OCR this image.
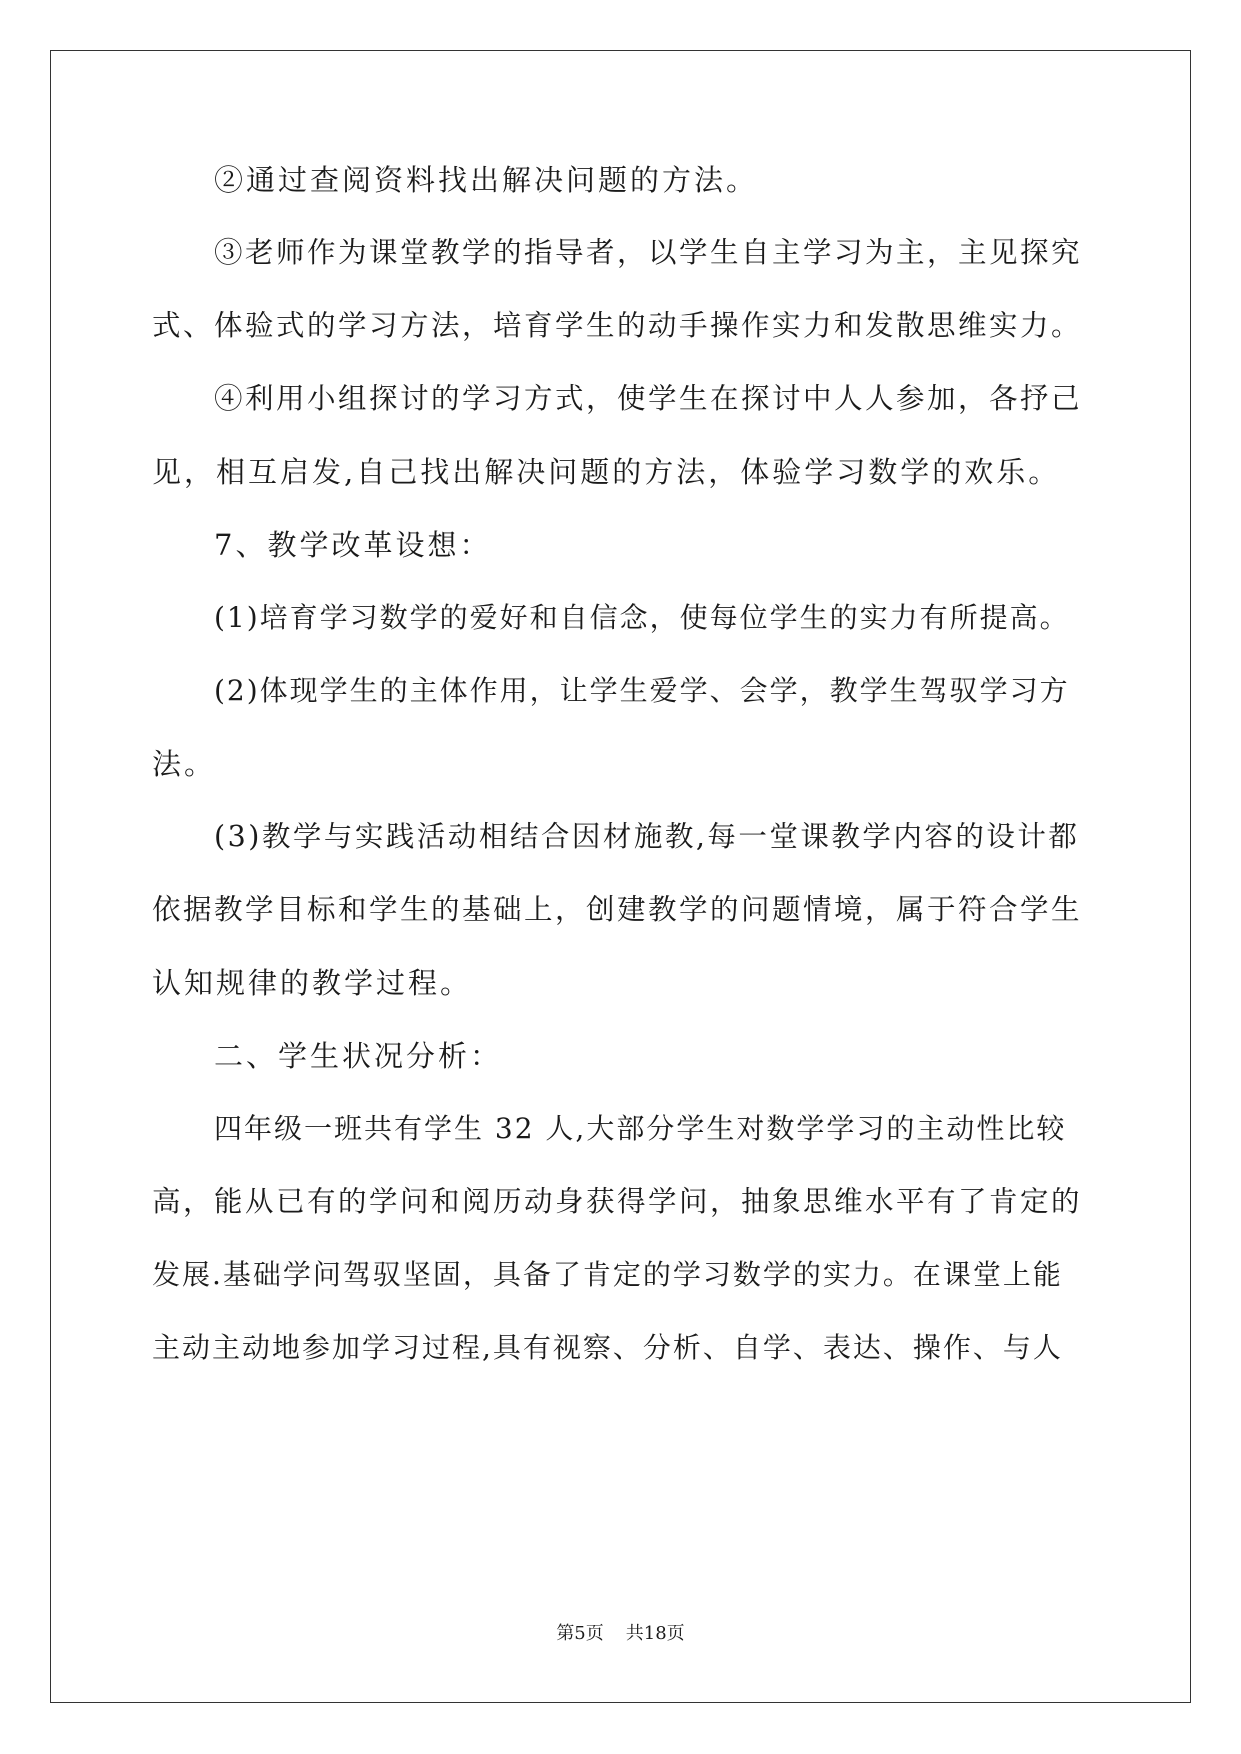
②通过查阅资料找出解决问题的方法。
③老师作为课堂教学的指导者，以学生自主学习为主，主见探究
式、体验式的学习方法，培育学生的动手操作实力和发散思维实力。
④利用小组探讨的学习方式，使学生在探讨中人人参加，各抒己
见，相互启发,自己找出解决问题的方法，体验学习数学的欢乐。
7、教学改革设想：
(1)培育学习数学的爱好和自信念，使每位学生的实力有所提高。
(2)体现学生的主体作用，让学生爱学、会学，教学生驾驭学习方
法。
(3)教学与实践活动相结合因材施教,每一堂课教学内容的设计都
依据教学目标和学生的基础上，创建教学的问题情境，属于符合学生
认知规律的教学过程。
二、学生状况分析：
四年级一班共有学生 32 人,大部分学生对数学学习的主动性比较
高，能从已有的学问和阅历动身获得学问，抽象思维水平有了肯定的
发展.基础学问驾驭坚固，具备了肯定的学习数学的实力。在课堂上能
主动主动地参加学习过程,具有视察、分析、自学、表达、操作、与人
第5页 共18页
